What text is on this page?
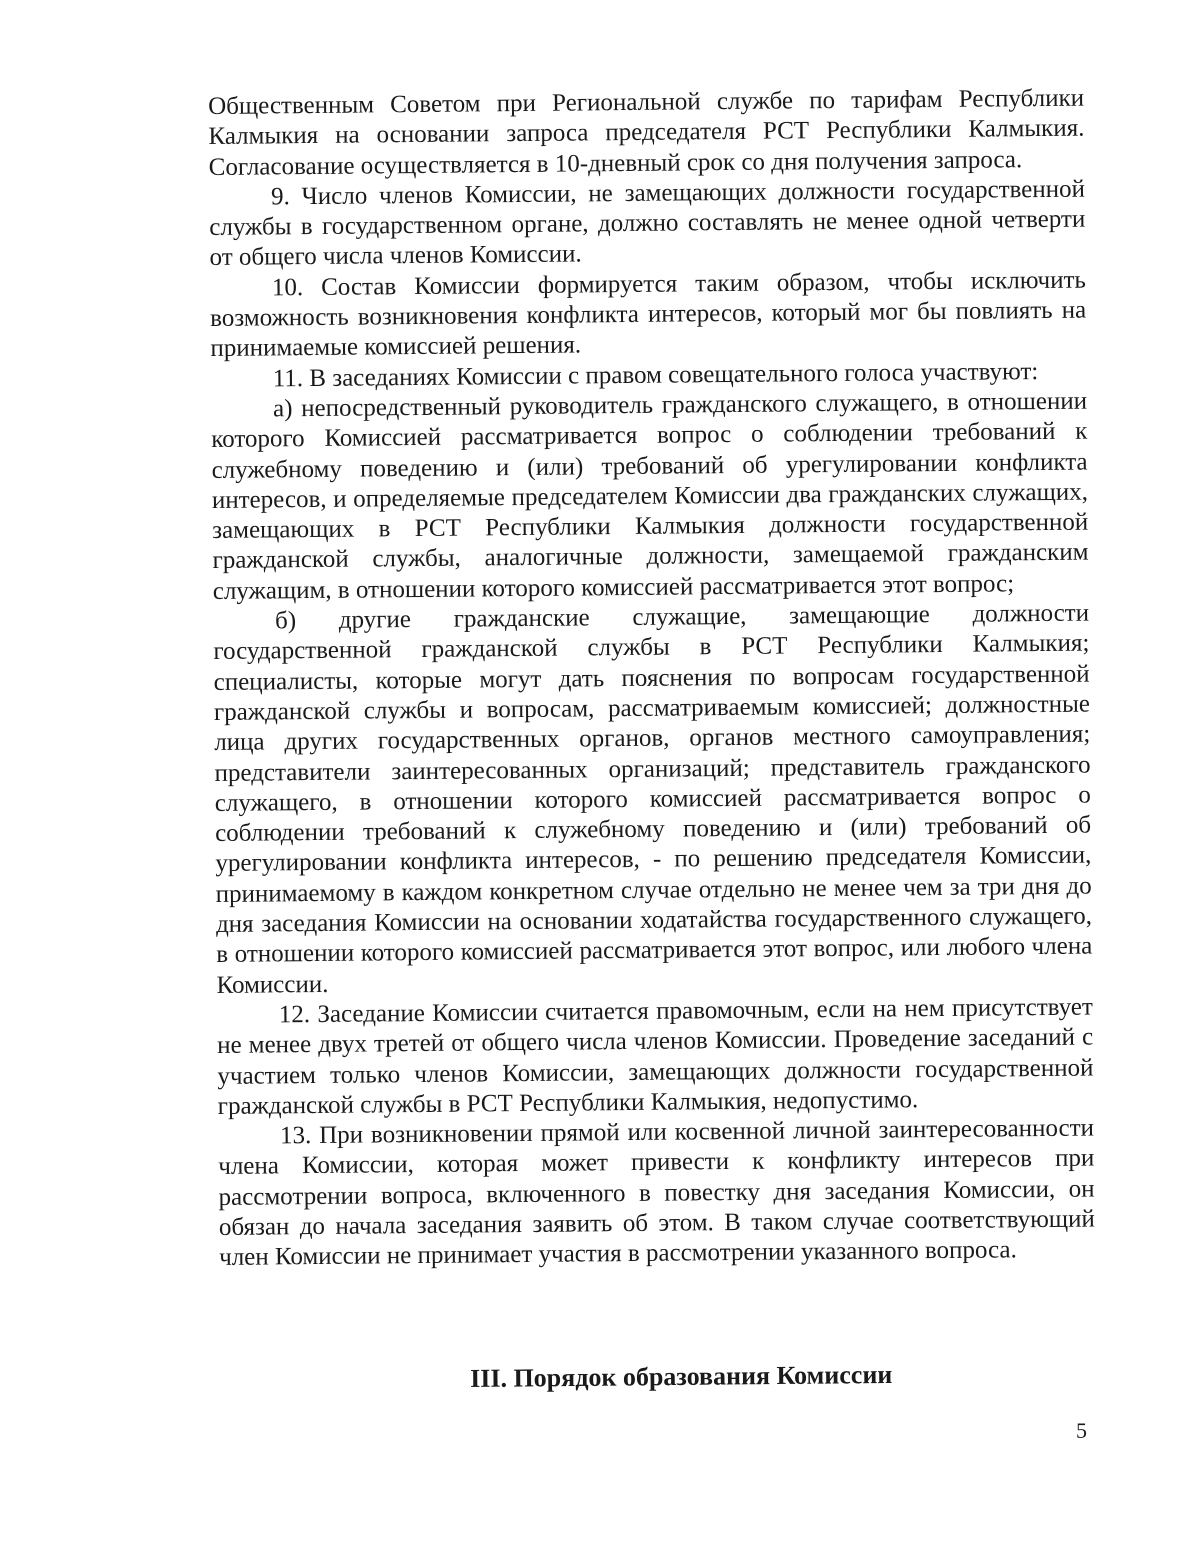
Общественным Советом при Региональной службе по тарифам Республики Калмыкия на основании запроса председателя РСТ Республики Калмыкия. Согласование осуществляется в 10-дневный срок со дня получения запроса.

9. Число членов Комиссии, не замещающих должности государственной службы в государственном органе, должно составлять не менее одной четверти от общего числа членов Комиссии.

10. Состав Комиссии формируется таким образом, чтобы исключить возможность возникновения конфликта интересов, который мог бы повлиять на принимаемые комиссией решения.

11. В заседаниях Комиссии с правом совещательного голоса участвуют:

а) непосредственный руководитель гражданского служащего, в отношении которого Комиссией рассматривается вопрос о соблюдении требований к служебному поведению и (или) требований об урегулировании конфликта интересов, и определяемые председателем Комиссии два гражданских служащих, замещающих в РСТ Республики Калмыкия должности государственной гражданской службы, аналогичные должности, замещаемой гражданским служащим, в отношении которого комиссией рассматривается этот вопрос;

б) другие гражданские служащие, замещающие должности государственной гражданской службы в РСТ Республики Калмыкия; специалисты, которые могут дать пояснения по вопросам государственной гражданской службы и вопросам, рассматриваемым комиссией; должностные лица других государственных органов, органов местного самоуправления; представители заинтересованных организаций; представитель гражданского служащего, в отношении которого комиссией рассматривается вопрос о соблюдении требований к служебному поведению и (или) требований об урегулировании конфликта интересов, - по решению председателя Комиссии, принимаемому в каждом конкретном случае отдельно не менее чем за три дня до дня заседания Комиссии на основании ходатайства государственного служащего, в отношении которого комиссией рассматривается этот вопрос, или любого члена Комиссии.

12. Заседание Комиссии считается правомочным, если на нем присутствует не менее двух третей от общего числа членов Комиссии. Проведение заседаний с участием только членов Комиссии, замещающих должности государственной гражданской службы в РСТ Республики Калмыкия, недопустимо.

13. При возникновении прямой или косвенной личной заинтересованности члена Комиссии, которая может привести к конфликту интересов при рассмотрении вопроса, включенного в повестку дня заседания Комиссии, он обязан до начала заседания заявить об этом. В таком случае соответствующий член Комиссии не принимает участия в рассмотрении указанного вопроса.

III. Порядок образования Комиссии
5
